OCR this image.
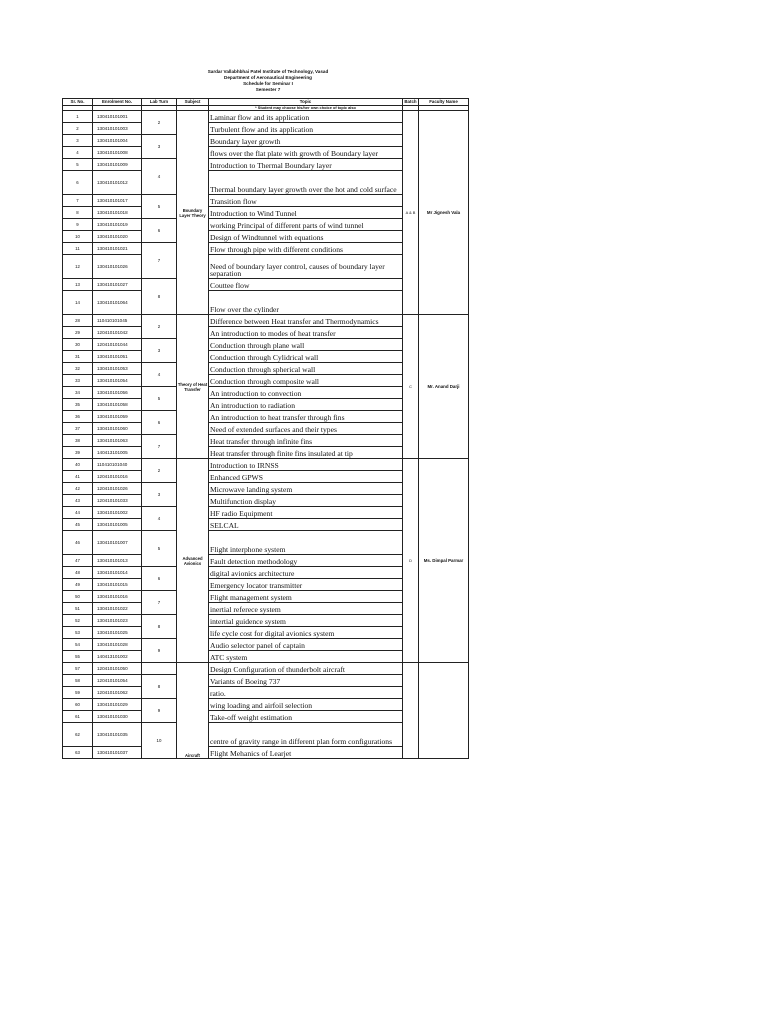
Sardar Vallabhbhai Patel Institute of Technology, Vasad
Department of Aeronautical Engineering
Schedule for Seminar I
Semester 7
Sr. No.	Enrolment No.	Lab Turn	Subject	Topic	Batch	Faculty Name
				* Student may choose his/her own choice of topic also		
1	130410101001	2	Boundary Layer Theory	Laminar flow and its application	A & B	Mr Jignesh Vala
2	130410101003			Turbulent flow and its application		
3	130410101004	3		Boundary layer growth		
4	130410101008			flows over the flat plate with growth of Boundary layer		
5	130410101009	4		Introduction to Thermal Boundary layer		
6	130410101012			Thermal boundary layer growth over the hot and cold surface		
7	130410101017	5		Transition flow		
8	130410101018			Introduction to Wind Tunnel		
9	130410101019	6		working Principal of different parts of wind tunnel		
10	130410101020			Design of Windtunnel with equations		
11	130410101021	7		Flow through pipe with different conditions		
12	130410101026			Need of boundary layer control, causes of boundary layer separation		
13	130410101027	8		Couttee flow		
14	130410101064			Flow over the cylinder		
28	110410101045	2	Theory of Heat Transfer	Difference between Heat transfer and Thermodynamics	C	Mr. Anand Darji
29	120410101042			An introduction to modes of heat transfer		
30	120410101044	3		Conduction through plane wall		
31	130410101051			Conduction through Cylidrical wall		
32	130410101053	4		Conduction through spherical wall		
33	130410101054			Conduction through composite wall		
34	130410101056	5		An introduction to convection		
35	130410101058			An introduction to radiation		
36	130410101059	6		An introduction to heat transfer through fins		
37	130410101060			Need of extended surfaces and their types		
38	130410101063	7		Heat transfer through infinite fins		
39	140413101005			Heat transfer through finite fins insulated at tip		
40	110410101040	2	Advanced Avionics	Introduction to IRNSS	D	Ms. Dimpal Parmar
41	120410101016			Enhanced GPWS		
42	120410101026	3		Microwave landing system		
43	120410101033			Multifunction display		
44	130410101002	4		HF radio Equipment		
45	130410101005			SELCAL		
46	130410101007	5		Flight interphone system		
47	130410101013			Fault detection methodology		
48	130410101014	6		digital avionics architecture		
49	130410101015			Emergency locator transmitter		
50	130410101016	7		Flight management system		
51	130410101022			inertial referece system		
52	130410101023	8		intertial guidence system		
53	130410101025			life cycle cost for digital avionics system		
54	130410101028	9		Audio selector panel of captain		
55	140413101002			ATC system		
57	120410101050		Aircraft	Design Configuration of thunderbolt aircraft		
58	120410101054	8		Variants of Boeing 737		
59	120410101062			ratio.		
60	130410101029	9		wing loading and airfoil selection		
61	130410101030			Take-off weight estimation		
62	130410101035	10		centre of gravity range in different plan form configurations		
63	130410101037			Flight Mehanics of Learjet		
